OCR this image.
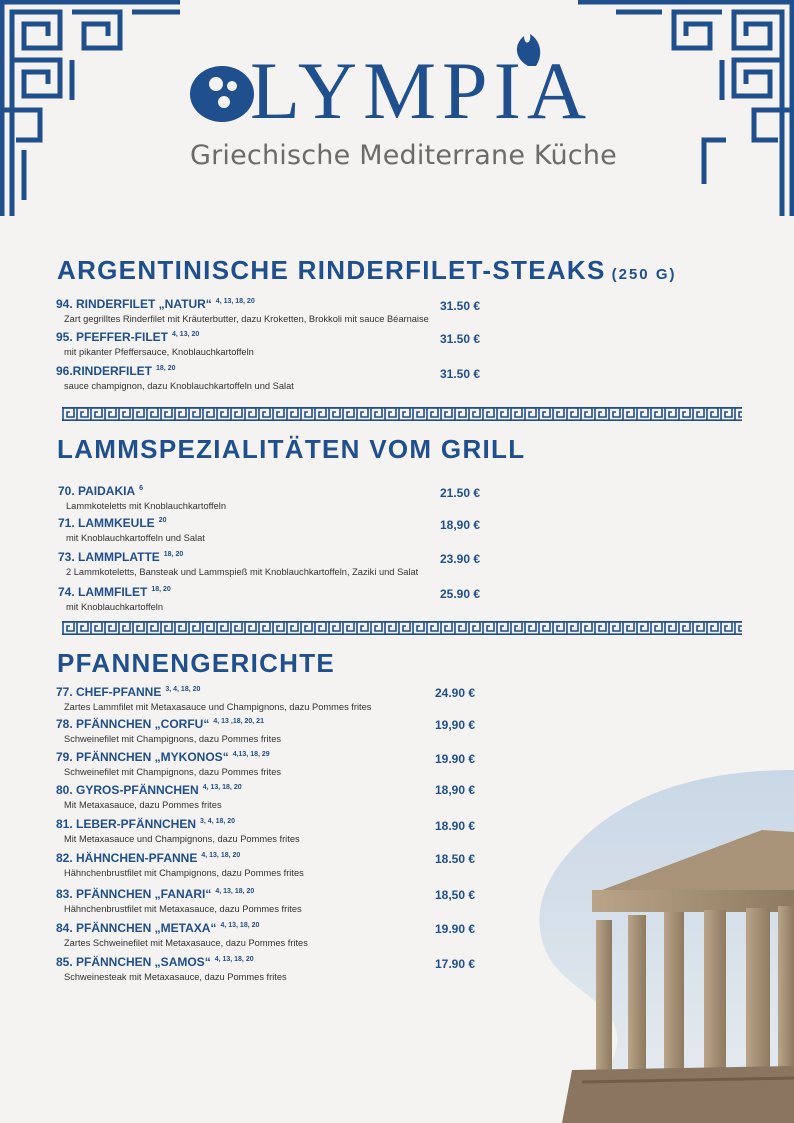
LYMPIA
Griechische Mediterrane Küche
ARGENTINISCHE RINDERFILET-STEAKS (250 G)
94. RINDERFILET „NATUR“ $^{4, 13, 18, 20}$
Zart gegrilltes Rinderfilet mit Kräuterbutter, dazu Kroketten, Brokkoli mit sauce Béarnaise
31.50 €
95. PFEFFER-FILET $^{4, 13, 20}$
mit pikanter Pfeffersauce, Knoblauchkartoffeln
31.50 €
96.RINDERFILET $^{18, 20}$
sauce champignon, dazu Knoblauchkartoffeln und Salat
31.50 €
LAMMSPEZIALITÄTEN VOM GRILL
70. PAIDAKIA $^6$
Lammkoteletts mit Knoblauchkartoffeln
21.50 €
71. LAMMKEULE $^{20}$
mit Knoblauchkartoffeln und Salat
18,90 €
73. LAMMPLATTE $^{18, 20}$
2 Lammkoteletts, Bansteak und Lammspieß mit Knoblauchkartoffeln, Zaziki und Salat
23.90 €
74. LAMMFILET $^{18, 20}$
mit Knoblauchkartoffeln
25.90 €
PFANNENGERICHTE
77. CHEF-PFANNE $^{3, 4, 18, 20}$
Zartes Lammfilet mit Metaxasauce und Champignons, dazu Pommes frites
24.90 €
78. PFÄNNCHEN „CORFU“ $^{4, 13 ,18, 20, 21}$
Schweinefilet mit Champignons, dazu Pommes frites
19,90 €
79. PFÄNNCHEN „MYKONOS“ $^{4,13, 18, 29}$
Schweinefilet mit Champignons, dazu Pommes frites
19.90 €
80. GYROS-PFÄNNCHEN $^{4, 13, 18, 20}$
Mit Metaxasauce, dazu Pommes frites
18,90 €
81. LEBER-PFÄNNCHEN $^{3, 4, 18, 20}$
Mit Metaxasauce und Champignons, dazu Pommes frites
18.90 €
82. HÄHNCHEN-PFANNE $^{4, 13, 18, 20}$
Hähnchenbrustfilet mit Champignons, dazu Pommes frites
18.50 €
83. PFÄNNCHEN „FANARI“ $^{4, 13, 18, 20}$
Hähnchenbrustfilet mit Metaxasauce, dazu Pommes frites
18,50 €
84. PFÄNNCHEN „METAXA“ $^{4, 13, 18, 20}$
Zartes Schweinefilet mit Metaxasauce, dazu Pommes frites
19.90 €
85. PFÄNNCHEN „SAMOS“ $^{4, 13, 18, 20}$
Schweinesteak mit Metaxasauce, dazu Pommes frites
17.90 €
